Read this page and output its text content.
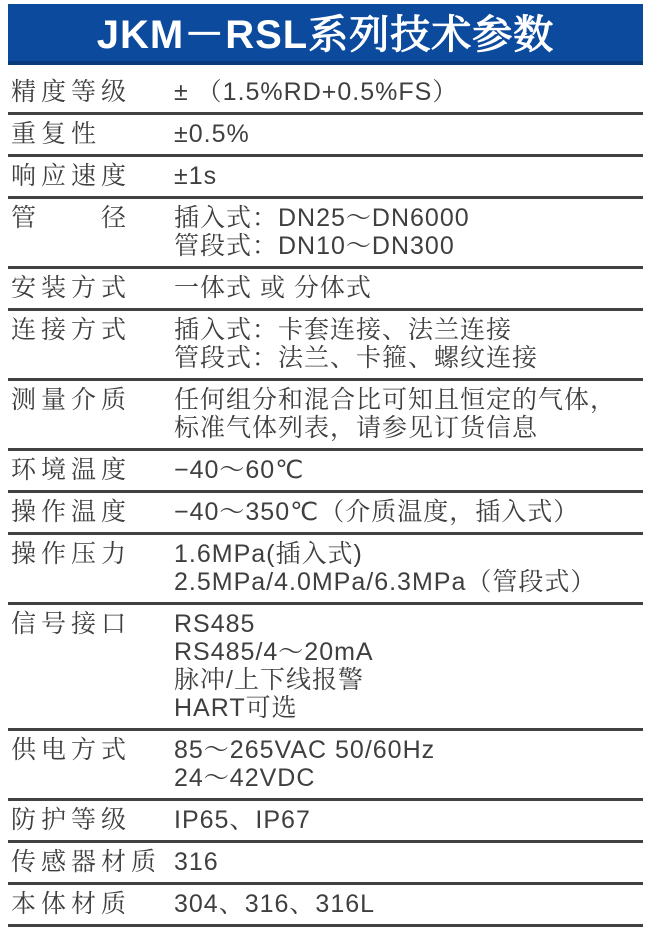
JKM－RSL系列技术参数
精度等级	± （1.5%RD+0.5%FS）
重复性	±0.5%
响应速度	±1s
管　　径	插入式：DN25～DN6000
管段式：DN10～DN300
安装方式	一体式 或 分体式
连接方式	插入式：卡套连接、法兰连接
管段式：法兰、卡箍、螺纹连接
测量介质	任何组分和混合比可知且恒定的气体，
标准气体列表，请参见订货信息
环境温度	−40～60℃
操作温度	−40～350℃（介质温度，插入式）
操作压力	1.6MPa(插入式)
2.5MPa/4.0MPa/6.3MPa（管段式）
信号接口	RS485
RS485/4～20mA
脉冲/上下线报警
HART可选
供电方式	85～265VAC 50/60Hz
24～42VDC
防护等级	IP65、IP67
传感器材质 316
本体材质	304、316、316L
